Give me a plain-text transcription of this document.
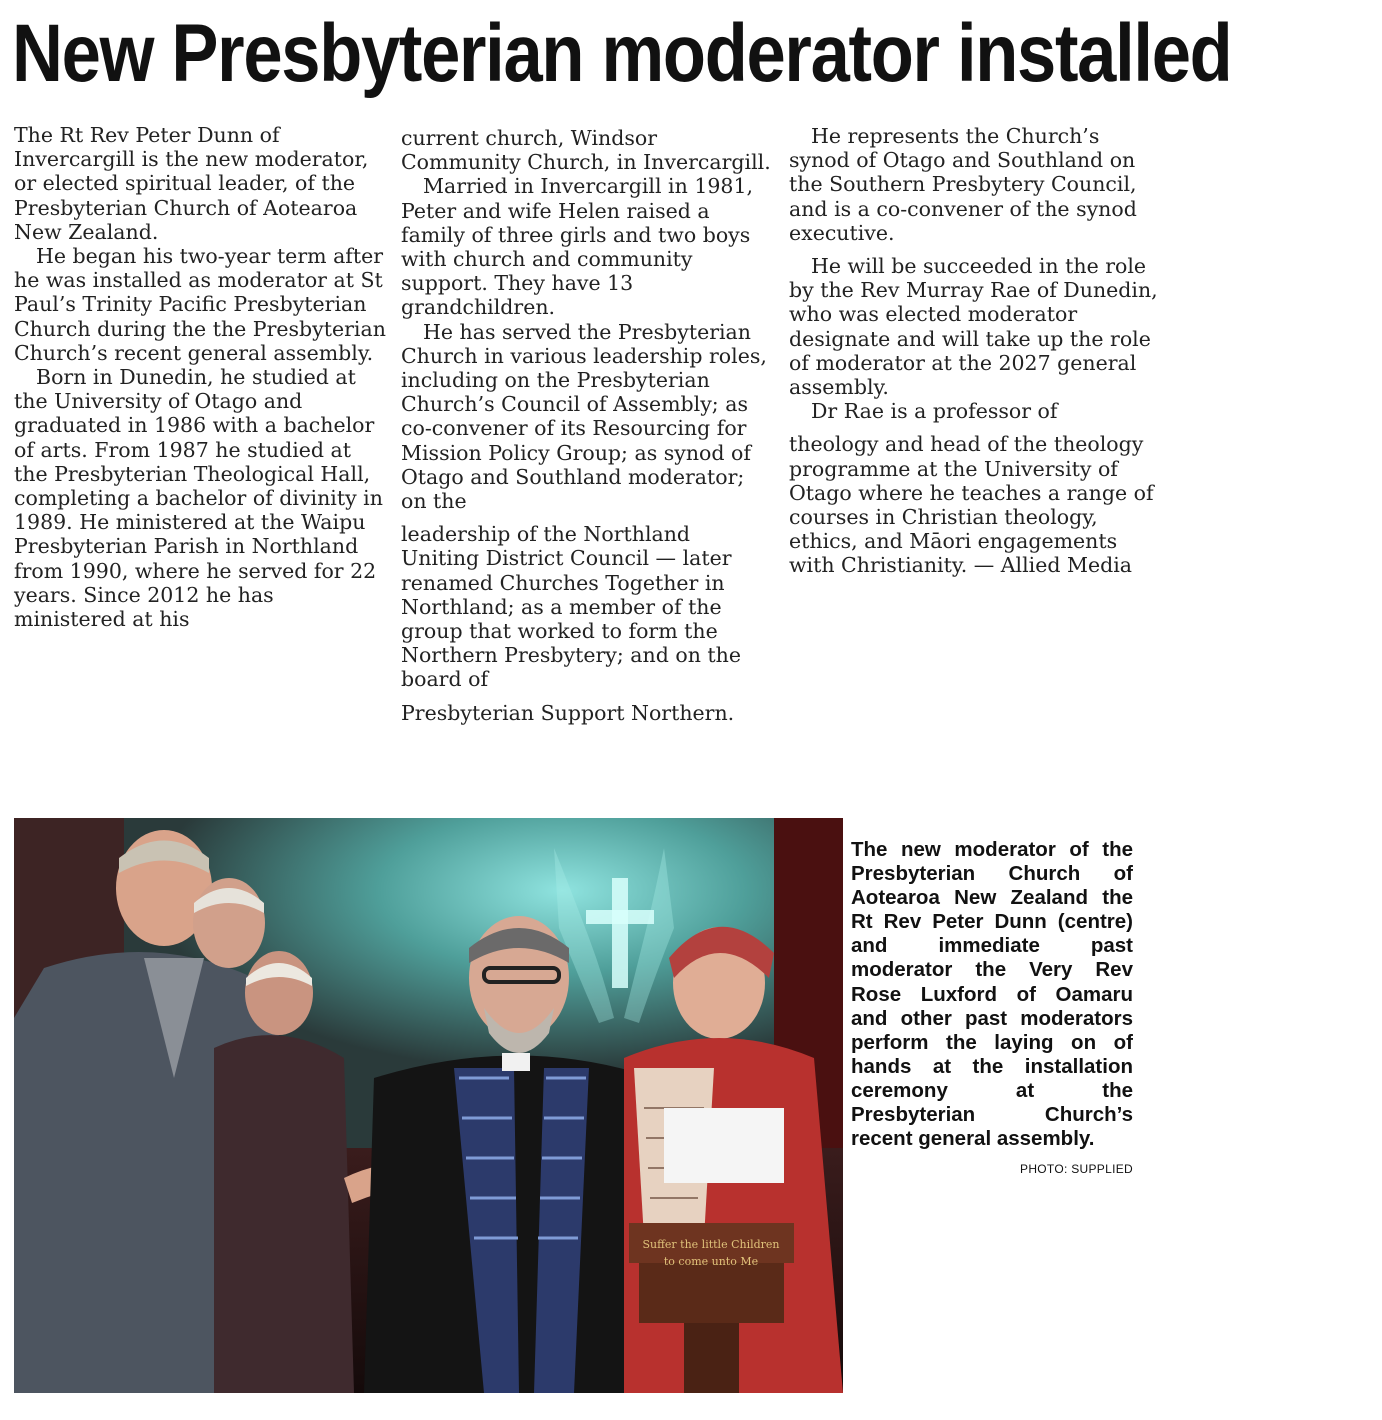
New Presbyterian moderator installed

The Rt Rev Peter Dunn of Invercargill is the new moderator, or elected spiritual leader, of the Presbyterian Church of Aotearoa New Zealand.

He began his two-year term after he was installed as moderator at St Paul’s Trinity Pacific Presbyterian Church during the the Presbyterian Church’s recent general assembly.

Born in Dunedin, he studied at the University of Otago and graduated in 1986 with a bachelor of arts. From 1987 he studied at the Presbyterian Theological Hall, completing a bachelor of divinity in 1989. He ministered at the Waipu Presbyterian Parish in Northland from 1990, where he served for 22 years. Since 2012 he has ministered at his

current church, Windsor Community Church, in Invercargill.

Married in Invercargill in 1981, Peter and wife Helen raised a family of three girls and two boys with church and community support. They have 13 grandchildren.

He has served the Presbyterian Church in various leadership roles, including on the Presbyterian Church’s Council of Assembly; as co-convener of its Resourcing for Mission Policy Group; as synod of Otago and Southland moderator; on the

leadership of the Northland Uniting District Council — later renamed Churches Together in Northland; as a member of the group that worked to form the Northern Presbytery; and on the board of

Presbyterian Support Northern.

He represents the Church’s synod of Otago and Southland on the Southern Presbytery Council, and is a co-convener of the synod executive.

He will be succeeded in the role by the Rev Murray Rae of Dunedin, who was elected moderator designate and will take up the role of moderator at the 2027 general assembly.

Dr Rae is a professor of

theology and head of the theology programme at the University of Otago where he teaches a range of courses in Christian theology, ethics, and Māori engagements with Christianity. — Allied Media

Suffer the little Children
to come unto Me
The new moderator of the Presbyterian Church of Aotearoa New Zealand the Rt Rev Peter Dunn (centre) and immediate past moderator the Very Rev Rose Luxford of Oamaru and other past moderators perform the laying on of hands at the installation ceremony at the Presbyterian Church’s recent general assembly.
PHOTO: SUPPLIED
